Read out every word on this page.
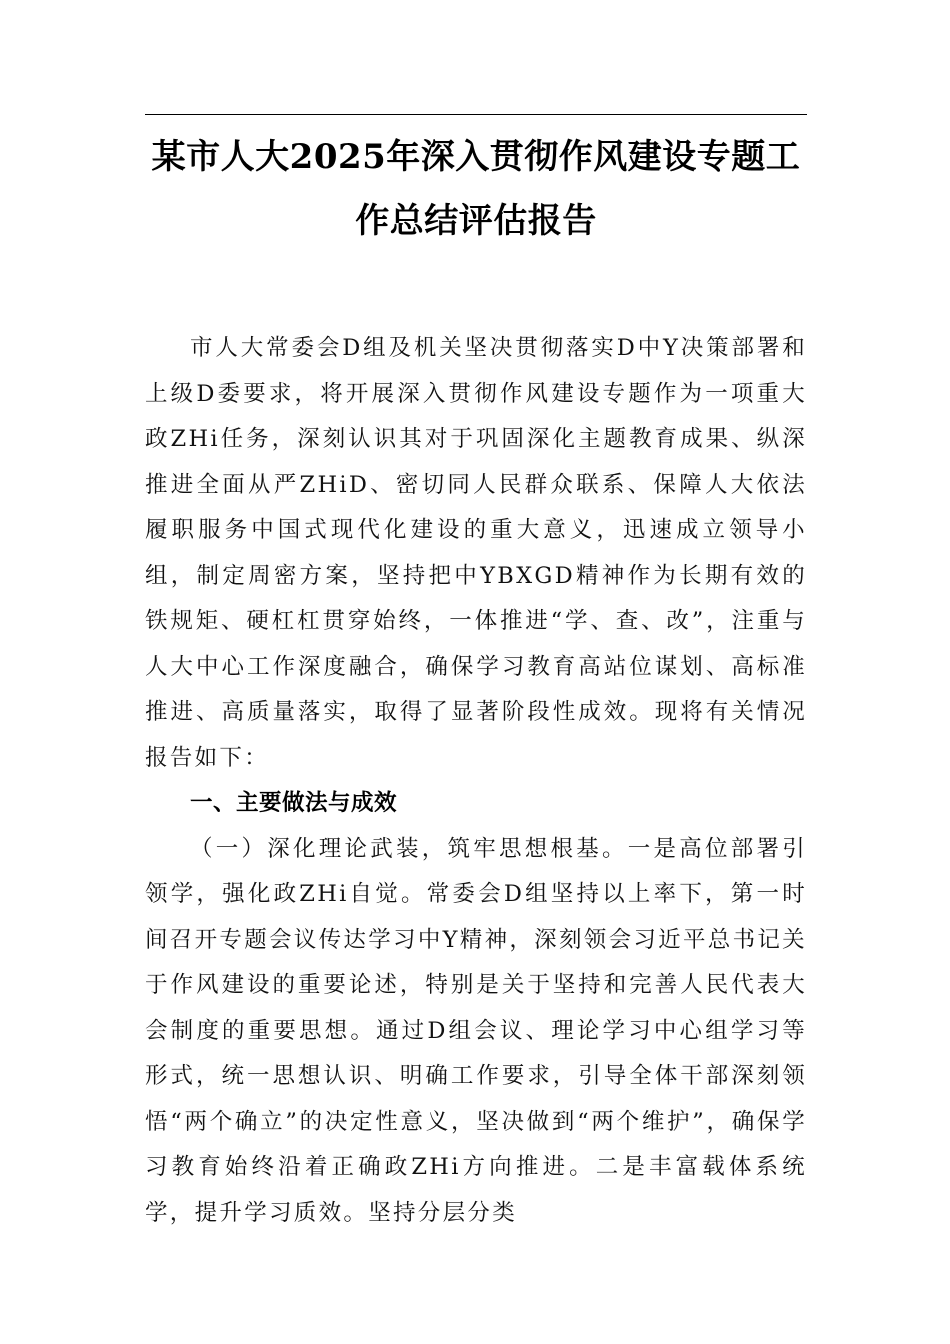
某市人大2025年深入贯彻作风建设专题工
作总结评估报告

市人大常委会D组及机关坚决贯彻落实D中Y决策部署和上级D委要求，将开展深入贯彻作风建设专题作为一项重大政ZHi任务，深刻认识其对于巩固深化主题教育成果、纵深推进全面从严ZHiD、密切同人民群众联系、保障人大依法履职服务中国式现代化建设的重大意义，迅速成立领导小组，制定周密方案，坚持把中YBXGD精神作为长期有效的铁规矩、硬杠杠贯穿始终，一体推进“学、查、改”，注重与人大中心工作深度融合，确保学习教育高站位谋划、高标准推进、高质量落实，取得了显著阶段性成效。现将有关情况报告如下：

一、主要做法与成效

（一）深化理论武装，筑牢思想根基。一是高位部署引领学，强化政ZHi自觉。常委会D组坚持以上率下，第一时间召开专题会议传达学习中Y精神，深刻领会习近平总书记关于作风建设的重要论述，特别是关于坚持和完善人民代表大会制度的重要思想。通过D组会议、理论学习中心组学习等形式，统一思想认识、明确工作要求，引导全体干部深刻领悟“两个确立”的决定性意义，坚决做到“两个维护”，确保学习教育始终沿着正确政ZHi方向推进。二是丰富载体系统学，提升学习质效。坚持分层分类
